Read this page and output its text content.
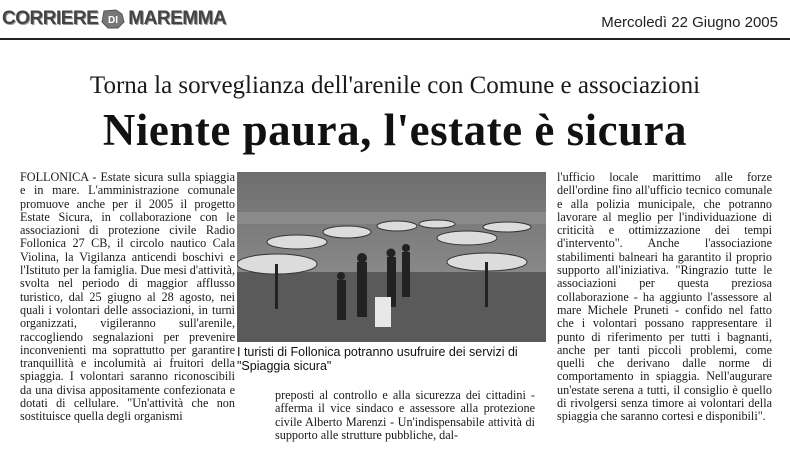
CORRIERE DI MAREMMA	Mercoledì 22 Giugno 2005
Torna la sorveglianza dell'arenile con Comune e associazioni
Niente paura, l'estate è sicura
FOLLONICA - Estate sicura sulla spiaggia e in mare. L'amministrazione comunale promuove anche per il 2005 il progetto Estate Sicura, in collaborazione con le associazioni di protezione civile Radio Follonica 27 CB, il circolo nautico Cala Violina, la Vigilanza anticendi boschivi e l'Istituto per la famiglia. Due mesi d'attività, svolta nel periodo di maggior afflusso turistico, dal 25 giugno al 28 agosto, nei quali i volontari delle associazioni, in turni organizzati, vigileranno sull'arenile, raccogliendo segnalazioni per prevenire inconvenienti ma soprattutto per garantire tranquillità e incolumità ai fruitori della spiaggia. I volontari saranno riconoscibili da una divisa appositamente confezionata e dotati di cellulare. "Un'attività che non sostituisce quella degli organismi
I turisti di Follonica potranno usufruire dei servizi di "Spiaggia sicura"
preposti al controllo e alla sicurezza dei cittadini - afferma il vice sindaco e assessore alla protezione civile Alberto Marenzi - Un'indispensabile attività di supporto alle strutture pubbliche, dal-
l'ufficio locale marittimo alle forze dell'ordine fino all'ufficio tecnico comunale e alla polizia municipale, che potranno lavorare al meglio per l'individuazione di criticità e ottimizzazione dei tempi d'intervento". Anche l'associazione stabilimenti balneari ha garantito il proprio supporto all'iniziativa. "Ringrazio tutte le associazioni per questa preziosa collaborazione - ha aggiunto l'assessore al mare Michele Pruneti - confido nel fatto che i volontari possano rappresentare il punto di riferimento per tutti i bagnanti, anche per tanti piccoli problemi, come quelli che derivano dalle norme di comportamento in spiaggia. Nell'augurare un'estate serena a tutti, il consiglio è quello di rivolgersi senza timore ai volontari della spiaggia che saranno cortesi e disponibili".
